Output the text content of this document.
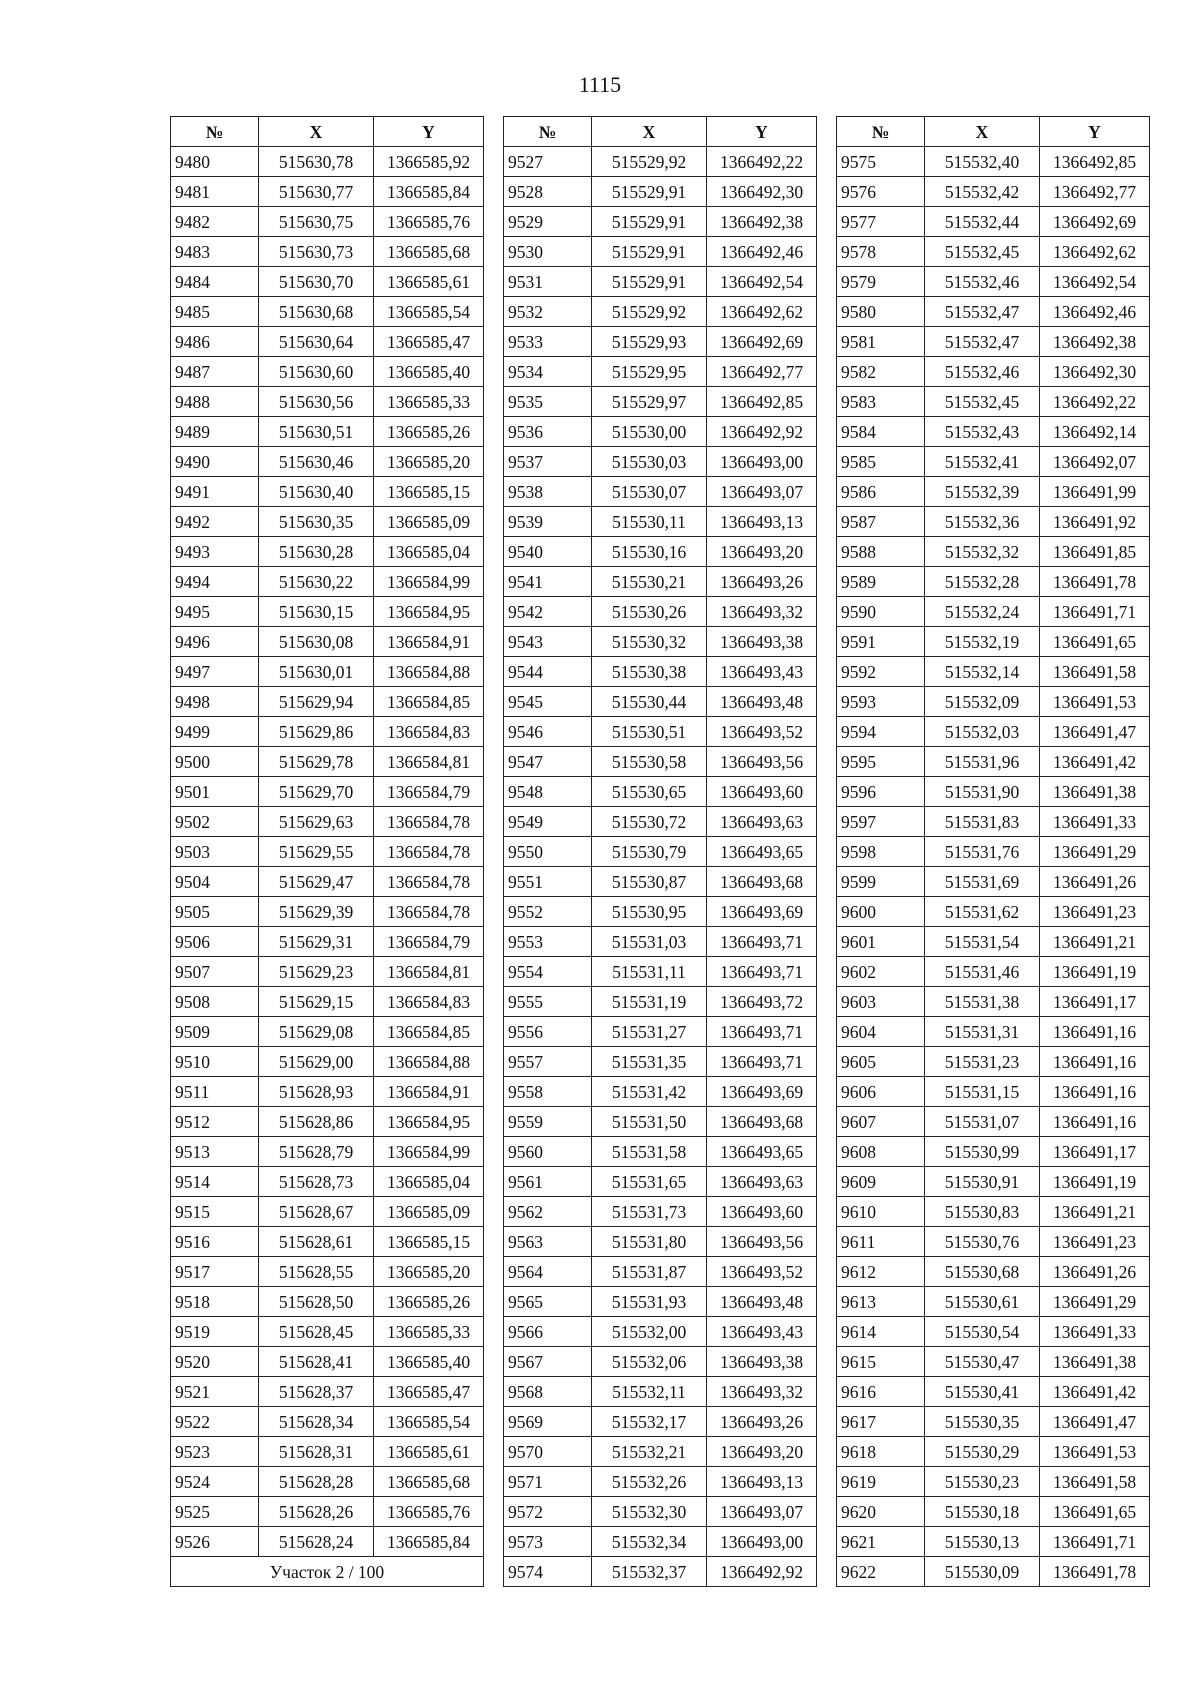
1115
№	X	Y
9480	515630,78	1366585,92
9481	515630,77	1366585,84
9482	515630,75	1366585,76
9483	515630,73	1366585,68
9484	515630,70	1366585,61
9485	515630,68	1366585,54
9486	515630,64	1366585,47
9487	515630,60	1366585,40
9488	515630,56	1366585,33
9489	515630,51	1366585,26
9490	515630,46	1366585,20
9491	515630,40	1366585,15
9492	515630,35	1366585,09
9493	515630,28	1366585,04
9494	515630,22	1366584,99
9495	515630,15	1366584,95
9496	515630,08	1366584,91
9497	515630,01	1366584,88
9498	515629,94	1366584,85
9499	515629,86	1366584,83
9500	515629,78	1366584,81
9501	515629,70	1366584,79
9502	515629,63	1366584,78
9503	515629,55	1366584,78
9504	515629,47	1366584,78
9505	515629,39	1366584,78
9506	515629,31	1366584,79
9507	515629,23	1366584,81
9508	515629,15	1366584,83
9509	515629,08	1366584,85
9510	515629,00	1366584,88
9511	515628,93	1366584,91
9512	515628,86	1366584,95
9513	515628,79	1366584,99
9514	515628,73	1366585,04
9515	515628,67	1366585,09
9516	515628,61	1366585,15
9517	515628,55	1366585,20
9518	515628,50	1366585,26
9519	515628,45	1366585,33
9520	515628,41	1366585,40
9521	515628,37	1366585,47
9522	515628,34	1366585,54
9523	515628,31	1366585,61
9524	515628,28	1366585,68
9525	515628,26	1366585,76
9526	515628,24	1366585,84
Участок 2 / 100		
№	X	Y
9527	515529,92	1366492,22
9528	515529,91	1366492,30
9529	515529,91	1366492,38
9530	515529,91	1366492,46
9531	515529,91	1366492,54
9532	515529,92	1366492,62
9533	515529,93	1366492,69
9534	515529,95	1366492,77
9535	515529,97	1366492,85
9536	515530,00	1366492,92
9537	515530,03	1366493,00
9538	515530,07	1366493,07
9539	515530,11	1366493,13
9540	515530,16	1366493,20
9541	515530,21	1366493,26
9542	515530,26	1366493,32
9543	515530,32	1366493,38
9544	515530,38	1366493,43
9545	515530,44	1366493,48
9546	515530,51	1366493,52
9547	515530,58	1366493,56
9548	515530,65	1366493,60
9549	515530,72	1366493,63
9550	515530,79	1366493,65
9551	515530,87	1366493,68
9552	515530,95	1366493,69
9553	515531,03	1366493,71
9554	515531,11	1366493,71
9555	515531,19	1366493,72
9556	515531,27	1366493,71
9557	515531,35	1366493,71
9558	515531,42	1366493,69
9559	515531,50	1366493,68
9560	515531,58	1366493,65
9561	515531,65	1366493,63
9562	515531,73	1366493,60
9563	515531,80	1366493,56
9564	515531,87	1366493,52
9565	515531,93	1366493,48
9566	515532,00	1366493,43
9567	515532,06	1366493,38
9568	515532,11	1366493,32
9569	515532,17	1366493,26
9570	515532,21	1366493,20
9571	515532,26	1366493,13
9572	515532,30	1366493,07
9573	515532,34	1366493,00
9574	515532,37	1366492,92
№	X	Y
9575	515532,40	1366492,85
9576	515532,42	1366492,77
9577	515532,44	1366492,69
9578	515532,45	1366492,62
9579	515532,46	1366492,54
9580	515532,47	1366492,46
9581	515532,47	1366492,38
9582	515532,46	1366492,30
9583	515532,45	1366492,22
9584	515532,43	1366492,14
9585	515532,41	1366492,07
9586	515532,39	1366491,99
9587	515532,36	1366491,92
9588	515532,32	1366491,85
9589	515532,28	1366491,78
9590	515532,24	1366491,71
9591	515532,19	1366491,65
9592	515532,14	1366491,58
9593	515532,09	1366491,53
9594	515532,03	1366491,47
9595	515531,96	1366491,42
9596	515531,90	1366491,38
9597	515531,83	1366491,33
9598	515531,76	1366491,29
9599	515531,69	1366491,26
9600	515531,62	1366491,23
9601	515531,54	1366491,21
9602	515531,46	1366491,19
9603	515531,38	1366491,17
9604	515531,31	1366491,16
9605	515531,23	1366491,16
9606	515531,15	1366491,16
9607	515531,07	1366491,16
9608	515530,99	1366491,17
9609	515530,91	1366491,19
9610	515530,83	1366491,21
9611	515530,76	1366491,23
9612	515530,68	1366491,26
9613	515530,61	1366491,29
9614	515530,54	1366491,33
9615	515530,47	1366491,38
9616	515530,41	1366491,42
9617	515530,35	1366491,47
9618	515530,29	1366491,53
9619	515530,23	1366491,58
9620	515530,18	1366491,65
9621	515530,13	1366491,71
9622	515530,09	1366491,78
